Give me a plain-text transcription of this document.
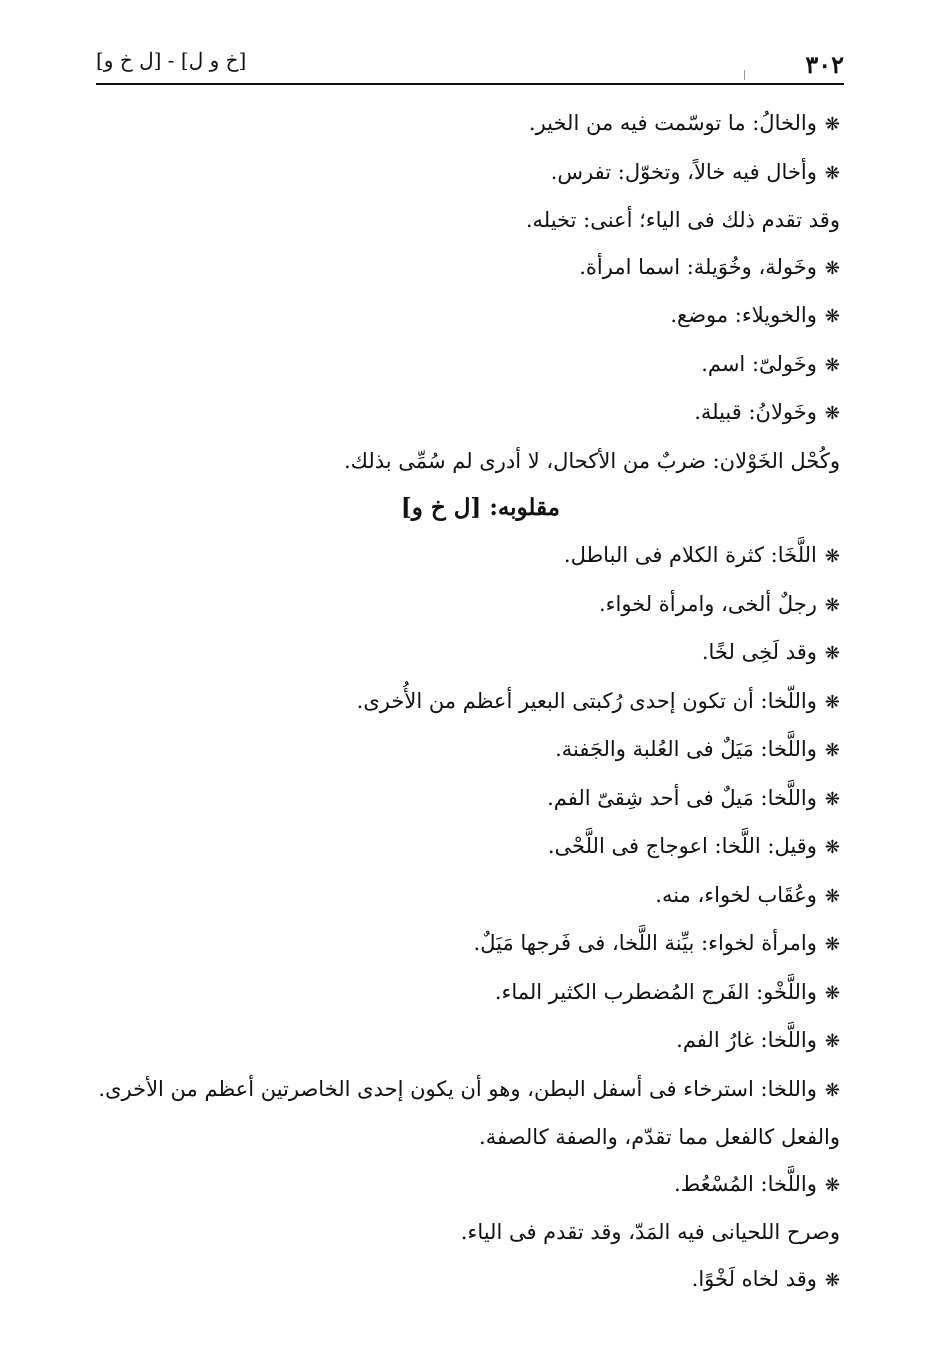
٣٠٢
[خ و ل] - [ل خ و]
❋والخالُ: ما توسّمت فيه من الخير.
❋وأخال فيه خالاً، وتخوّل: تفرس.
وقد تقدم ذلك فى الياء؛ أعنى: تخيله.
❋وخَولة، وخُوَيلة: اسما امرأة.
❋والخويلاء: موضع.
❋وخَولىّ: اسم.
❋وخَولانُ: قبيلة.
وكُحْل الخَوْلان: ضربٌ من الأكحال، لا أدرى لم سُمِّى بذلك.
مقلوبه: [ل خ و]
❋اللَّخَا: كثرة الكلام فى الباطل.
❋رجلٌ ألخى، وامرأة لخواء.
❋وقد لَخِى لخًا.
❋واللّخا: أن تكون إحدى رُكبتى البعير أعظم من الأُخرى.
❋واللَّخا: مَيَلٌ فى العُلبة والجَفنة.
❋واللَّخا: مَيلٌ فى أحد شِقىّ الفم.
❋وقيل: اللَّخا: اعوجاج فى اللَّحْى.
❋وعُقَاب لخواء، منه.
❋وامرأة لخواء: بيِّنة اللَّخا، فى فَرجها مَيَلٌ.
❋واللَّخْو: الفَرج المُضطرب الكثير الماء.
❋واللَّخا: غارُ الفم.
❋واللخا: استرخاء فى أسفل البطن، وهو أن يكون إحدى الخاصرتين أعظم من الأخرى.
والفعل كالفعل مما تقدّم، والصفة كالصفة.
❋واللَّخا: المُسْعُط.
وصرح اللحيانى فيه المَدّ، وقد تقدم فى الياء.
❋وقد لخاه لَخْوًا.
